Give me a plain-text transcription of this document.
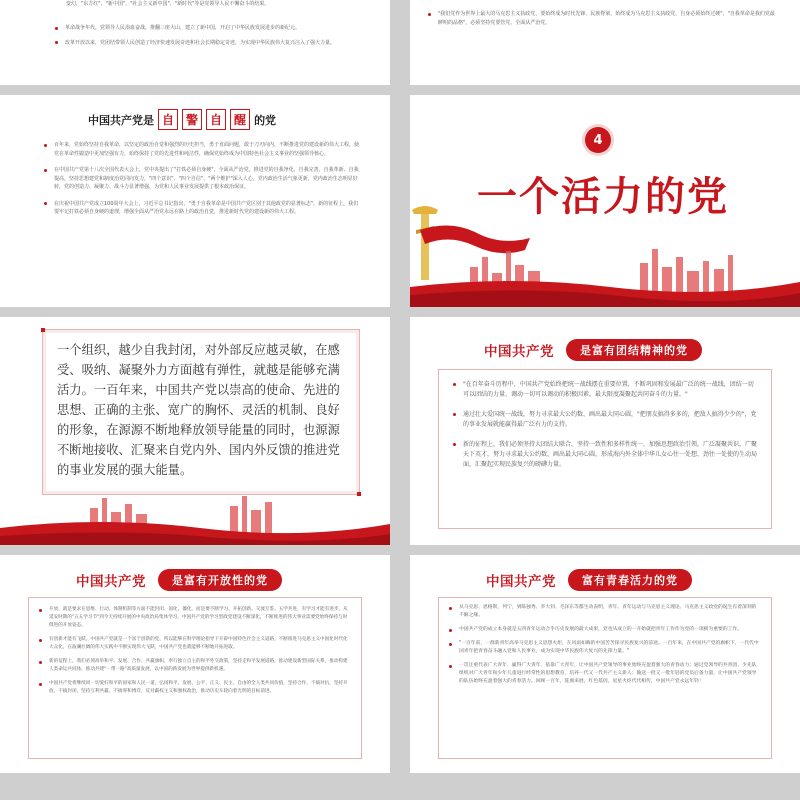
变幻，"东方红"、"新中国"、"社会主义新中国"、"新时代"等是党领导人民不懈奋斗的结果。
革命战争年代，党领导人民浴血奋战，推翻三座大山，建立了新中国，开启了中华民族发展进步的新纪元。
改革开放以来，党团结带领人民创造了经济快速发展奇迹和社会长期稳定奇迹，为实现中华民族伟大复兴注入了强大力量。
"我们党作为世界上最大的马克思主义执政党，要始终成为时代先锋、民族脊梁，始终成为马克思主义执政党，自身必须始终过硬"，"自我革命是我们党最鲜明的品格"，必须坚持党要管党、全面从严治党。
中国共产党是 自	警	自	醒 的党
百年来，党始终坚持自我革命，以坚定的政治自觉和强烈的历史担当，勇于直面问题，敢于刀刃向内，不断推进党的建设新的伟大工程，使党在革命性锻造中更加坚强有力，始终保持了党的先进性和纯洁性，确保党始终成为中国特色社会主义事业的坚强领导核心。
在中国共产党第十八次全国代表大会上，党中央提出了"打铁必须自身硬"，全面从严治党，推进党的自我净化、自我完善、自我革新、自我提高，坚持思想建党和制度治党同向发力，"四个意识"、"四个自信"、"两个维护"深入人心，党内政治生活气象更新，党内政治生态明显好转，党的创造力、凝聚力、战斗力显著增强，为党和人民事业发展提供了根本政治保证。
在庆祝中国共产党成立100周年大会上，习近平总书记指出，"勇于自我革命是中国共产党区别于其他政党的显著标志"，新的征程上，我们要牢记打铁必须自身硬的道理，增强全面从严治党永远在路上的政治自觉，推进新时代党的建设新的伟大工程。
4
一个活力的党
一个组织，越少自我封闭，对外部反应越灵敏，在感受、吸纳、凝聚外力方面越有弹性，就越是能够充满活力。一百年来，中国共产党以崇高的使命、先进的思想、正确的主张、宽广的胸怀、灵活的机制、良好的形象，在源源不断地释放领导能量的同时，也源源不断地接收、汇聚来自党内外、国内外反馈的推进党的事业发展的强大能量。
中国共产党	是富有团结精神的党
"在百年奋斗历程中，中国共产党始终把统一战线摆在重要位置，不断巩固和发展最广泛的统一战线，团结一切可以团结的力量、调动一切可以调动的积极因素，最大限度凝聚起共同奋斗的力量。"
通过壮大爱国统一战线，努力寻求最大公约数、画出最大同心圆，"把朋友搞得多多的，把敌人搞得少少的"，党的事业发展就能赢得最广泛有力的支持。
新的征程上，我们必须坚持大团结大联合，坚持一致性和多样性统一，加强思想政治引领，广泛凝聚共识，广聚天下英才，努力寻求最大公约数、画出最大同心圆，形成海内外全体中华儿女心往一处想、劲往一处使的生动局面，汇聚起实现民族复兴的磅礴力量。
中国共产党	是富有开放性的党
开放，就是要求在思维、行动、体制机制等方面不能封闭、固化、僵化，而是要不断学习、开拓创新、交流互鉴。五学共进，有学习才能有进步，从延安时期的"五五学习节"到今天持续开展的中央政治局集体学习，中国共产党的学习型政党建设不断深化，不断推进的伟大事业需要党始终保持与时俱进的开放姿态。
有创新才能有飞跃。中国共产党就是一个富于创新的党，所以能够在科学理论指导下开辟中国特色社会主义道路，不断推进马克思主义中国化时代化大众化，在波澜壮阔的伟大实践中不断实现伟大飞跃，中国共产党也就能够不断地开拓进取。
新的征程上，我们必须高举和平、发展、合作、共赢旗帜，奉行独立自主的和平外交政策，坚持走和平发展道路，推动建设新型国际关系，推动构建人类命运共同体，推动共建"一带一路"高质量发展，以中国的新发展为世界提供新机遇。
中国共产党将继续同一切爱好和平的国家和人民一道，弘扬和平、发展、公平、正义、民主、自由的全人类共同价值，坚持合作、不搞对抗，坚持开放、不搞封闭，坚持互利共赢、不搞零和博弈，反对霸权主义和强权政治，推动历史车轮向着光明的目标前进。
中国共产党	富有青春活力的党
从马克思、恩格斯，列宁，到陈独秀、李大钊、毛泽东等都生动表明，青年、青年运动与马克思主义理论、马克思主义政党的诞生有着深刻的不解之缘。
中国共产党的成立本身就是五四青年运动合乎历史发展的最大成果，党也从成立的一开始就把青年工作作为党的一项极为重要的工作。
"一百年前，一群新青年高举马克思主义思想火炬，在风雨如晦的中国苦苦探寻民族复兴的前途。一百年来，在中国共产党的旗帜下，一代代中国青年把青春奋斗融入党和人民事业，成为实现中华民族伟大复兴的先锋力量。"
一贯注重代表广大青年、赢得广大青年、依靠广大青年，让中国共产党领导的事业始终充盈着强大的青春动力；通过党领导的共青团、少先队组织对广大青年和少年儿童进行经常性的思想教育，培养一代又一代共产主义新人；输送一批又一批年轻的党员后备力量，让中国共产党领导的队伍始终充盈着强大的青春活力。回顾一百年，旌旗来展，红色基因，星星火炬代代相传，中国共产党永远年轻！
